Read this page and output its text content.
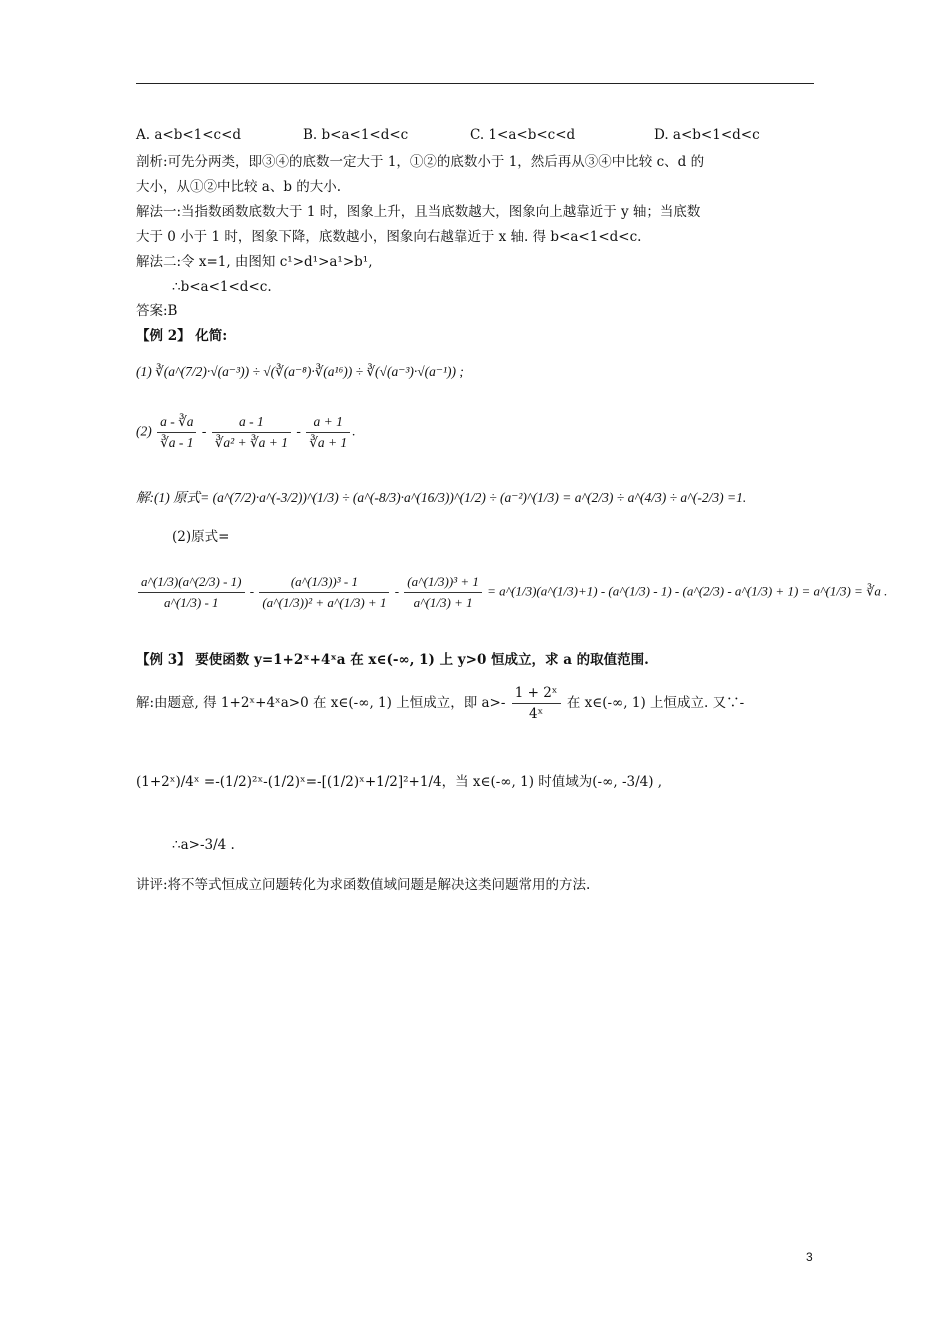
A. a<b<1<c<d	B. b<a<1<d<c	C. 1<a<b<c<d	D. a<b<1<d<c
剖析:可先分两类，即③④的底数一定大于 1，①②的底数小于 1，然后再从③④中比较 c、d 的
大小，从①②中比较 a、b 的大小.
解法一:当指数函数底数大于 1 时，图象上升，且当底数越大，图象向上越靠近于 y 轴；当底数
大于 0 小于 1 时，图象下降，底数越小，图象向右越靠近于 x 轴. 得 b<a<1<d<c.
解法二:令 x=1, 由图知 c¹>d¹>a¹>b¹,
∴b<a<1<d<c.
答案:B
【例 2】 化简:
(1) ∛(a^(7/2)·√(a⁻³)) ÷ √(∛(a⁻⁸)·∛(a¹⁶)) ÷ ∛(√(a⁻³)·√(a⁻¹)) ;
$(2) \frac{a - ∛a}{∛a - 1} - \frac{a - 1}{\text{∛a² + ∛a + 1}} - \frac{a + 1}{∛a + 1}$ .
解:(1) 原式= (a^(7/2)·a^(-3/2))^(1/3) ÷ (a^(-8/3)·a^(16/3))^(1/2) ÷ (a⁻²)^(1/3) = a^(2/3) ÷ a^(4/3) ÷ a^(-2/3) =1.
(2)原式=
$\frac{a\^{}(1/3)(a\^{}(2/3) - 1)}{a\^{}(1/3) - 1} - \frac{\text{(a\textasciicircum{}(1/3))³ - 1}}{\text{(a\textasciicircum{}(1/3))² + a\textasciicircum{}(1/3) + 1}} - \frac{\text{(a\textasciicircum{}(1/3))³ + 1}}{a\^{}(1/3) + 1}$ = a^(1/3)(a^(1/3)+1) - (a^(1/3) - 1) - (a^(2/3) - a^(1/3) + 1) = a^(1/3) = ∛a .
【例 3】 要使函数 y=1+2ˣ+4ˣa 在 x∈(-∞, 1) 上 y>0 恒成立，求 a 的取值范围.
解:由题意, 得 1+2ˣ+4ˣa>0 在 x∈(-∞, 1) 上恒成立，即 $a>- \frac{\text{1 + 2ˣ}}{\text{4ˣ}}$ 在 x∈(-∞, 1) 上恒成立. 又∵-
(1+2ˣ)/4ˣ =-(1/2)²ˣ-(1/2)ˣ=-[(1/2)ˣ+1/2]²+1/4，当 x∈(-∞, 1) 时值域为(-∞, -3/4) ,
∴a>-3/4 .
讲评:将不等式恒成立问题转化为求函数值域问题是解决这类问题常用的方法.
3
